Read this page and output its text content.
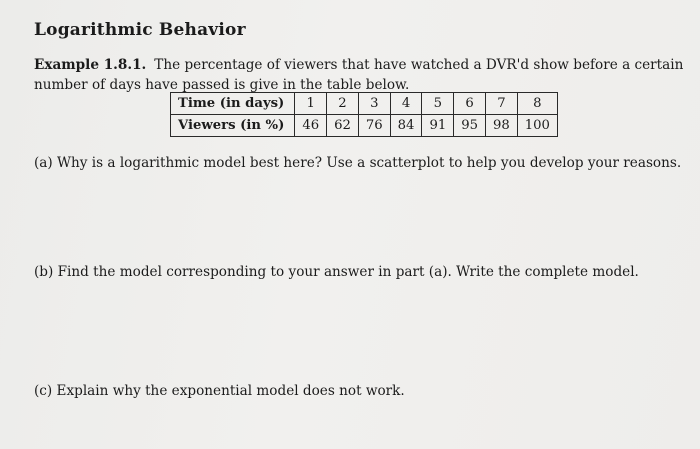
Logarithmic Behavior
Example 1.8.1. The percentage of viewers that have watched a DVR'd show before a certain number of days have passed is give in the table below.
Time (in days)	1	2	3	4	5	6	7	8
Viewers (in %)	46	62	76	84	91	95	98	100
(a) Why is a logarithmic model best here? Use a scatterplot to help you develop your reasons.
(b) Find the model corresponding to your answer in part (a). Write the complete model.
(c) Explain why the exponential model does not work.
